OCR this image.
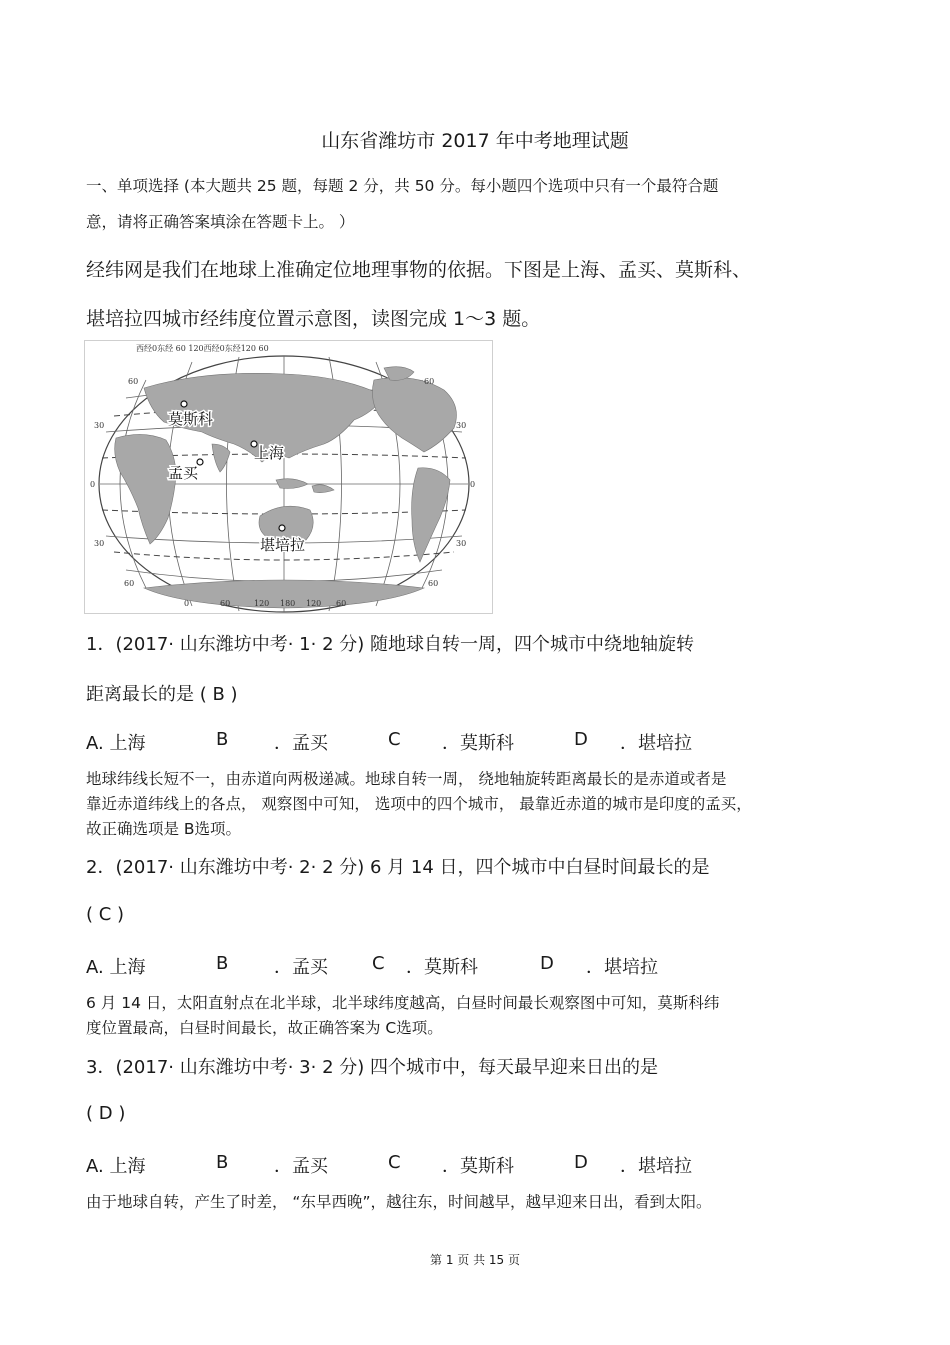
山东省潍坊市 2017 年中考地理试题
一、单项选择 (本大题共 25 题，每题 2 分，共 50 分。每小题四个选项中只有一个最符合题
意，请将正确答案填涂在答题卡上。 ）
经纬网是我们在地球上准确定位地理事物的依据。下图是上海、孟买、莫斯科、
堪培拉四城市经纬度位置示意图，读图完成 1～3 题。
西经0东经 60 120西经0东经120 60
60
30
0
30
60
60
30
0
30
60
0	60	120 180 120 60
莫斯科
上海
孟买
堪培拉
1．(2017· 山东潍坊中考· 1· 2 分) 随地球自转一周，四个城市中绕地轴旋转
距离最长的是 ( B )
A. 上海	B	．孟买	C ．莫斯科	D ．堪培拉
地球纬线长短不一，由赤道向两极递减。地球自转一周， 绕地轴旋转距离最长的是赤道或者是
靠近赤道纬线上的各点， 观察图中可知， 选项中的四个城市， 最靠近赤道的城市是印度的孟买，
故正确选项是 B选项。
2．(2017· 山东潍坊中考· 2· 2 分) 6 月 14 日，四个城市中白昼时间最长的是
( C )
A. 上海	B	．孟买 C ．莫斯科	D ．堪培拉
6 月 14 日，太阳直射点在北半球，北半球纬度越高，白昼时间最长观察图中可知，莫斯科纬
度位置最高，白昼时间最长，故正确答案为 C选项。
3．(2017· 山东潍坊中考· 3· 2 分) 四个城市中，每天最早迎来日出的是
( D )
A. 上海	B	．孟买	C ．莫斯科	D ．堪培拉
由于地球自转，产生了时差， “东早西晚”，越往东，时间越早，越早迎来日出，看到太阳。
第 1 页 共 15 页
